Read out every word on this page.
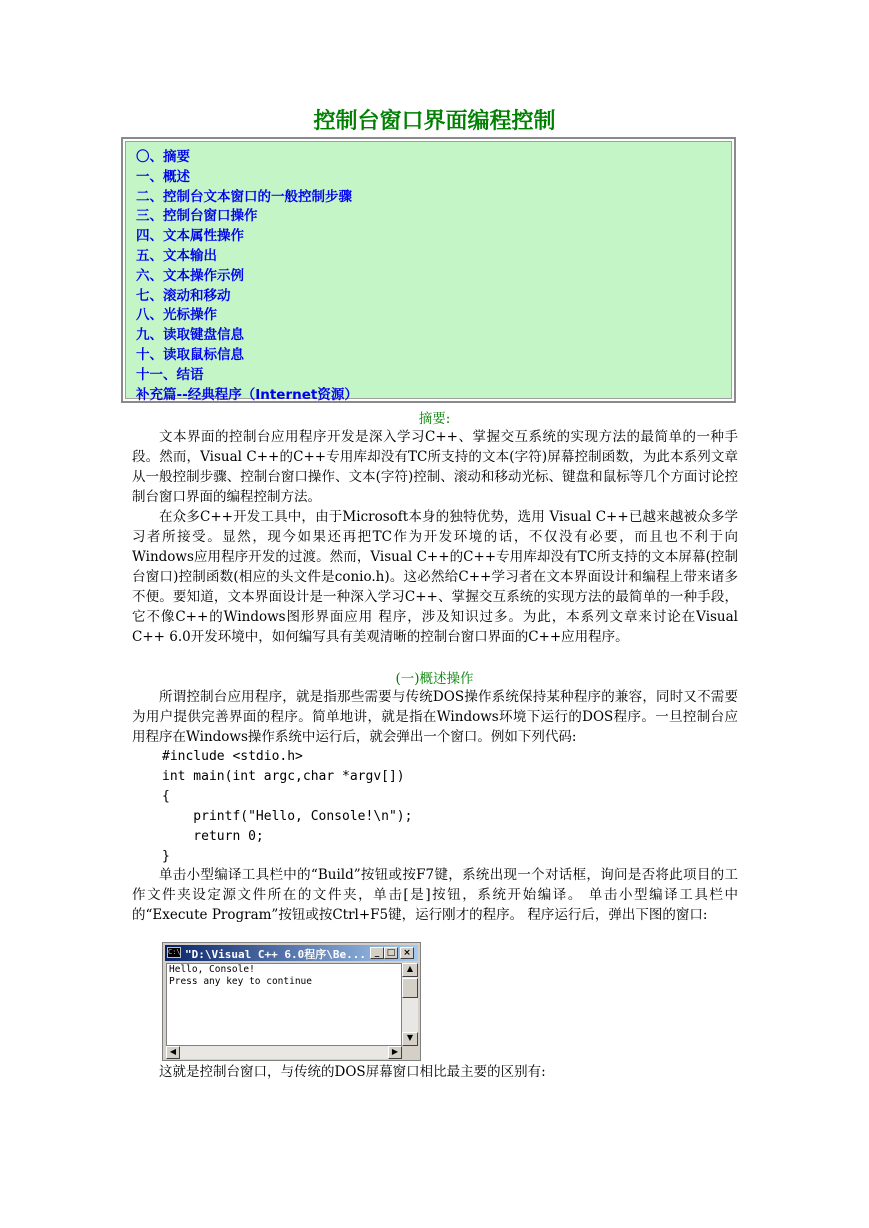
控制台窗口界面编程控制
〇、摘要
一、概述
二、控制台文本窗口的一般控制步骤
三、控制台窗口操作
四、文本属性操作
五、文本输出
六、文本操作示例
七、滚动和移动
八、光标操作
九、读取键盘信息
十、读取鼠标信息
十一、结语
补充篇--经典程序（Internet资源）
摘要:

文本界面的控制台应用程序开发是深入学习C++、掌握交互系统的实现方法的最简单的一种手段。然而，Visual C++的C++专用库却没有TC所支持的文本(字符)屏幕控制函数，为此本系列文章从一般控制步骤、控制台窗口操作、文本(字符)控制、滚动和移动光标、键盘和鼠标等几个方面讨论控制台窗口界面的编程控制方法。

在众多C++开发工具中，由于Microsoft本身的独特优势，选用 Visual C++已越来越被众多学习者所接受。显然，现今如果还再把TC作为开发环境的话，不仅没有必要，而且也不利于向Windows应用程序开发的过渡。然而，Visual C++的C++专用库却没有TC所支持的文本屏幕(控制台窗口)控制函数(相应的头文件是conio.h)。这必然给C++学习者在文本界面设计和编程上带来诸多不便。要知道，文本界面设计是一种深入学习C++、掌握交互系统的实现方法的最简单的一种手段，它不像C++的Windows图形界面应用 程序，涉及知识过多。为此，本系列文章来讨论在Visual C++ 6.0开发环境中，如何编写具有美观清晰的控制台窗口界面的C++应用程序。

(一)概述操作

所谓控制台应用程序，就是指那些需要与传统DOS操作系统保持某种程序的兼容，同时又不需要为用户提供完善界面的程序。简单地讲，就是指在Windows环境下运行的DOS程序。一旦控制台应用程序在Windows操作系统中运行后，就会弹出一个窗口。例如下列代码:

#include <stdio.h>
int main(int argc,char *argv[])
{
printf("Hello, Console!\n");
return 0;
}

单击小型编译工具栏中的“Build”按钮或按F7键，系统出现一个对话框，询问是否将此项目的工作文件夹设定源文件所在的文件夹，单击[是]按钮，系统开始编译。 单击小型编译工具栏中的“Execute Program”按钮或按Ctrl+F5键，运行刚才的程序。 程序运行后，弹出下图的窗口:

C:\ "D:\Visual C++ 6.0程序\Be... _ □ ×
Hello, Console!
Press any key to continue
▲
▼
◀	▶

这就是控制台窗口，与传统的DOS屏幕窗口相比最主要的区别有:
